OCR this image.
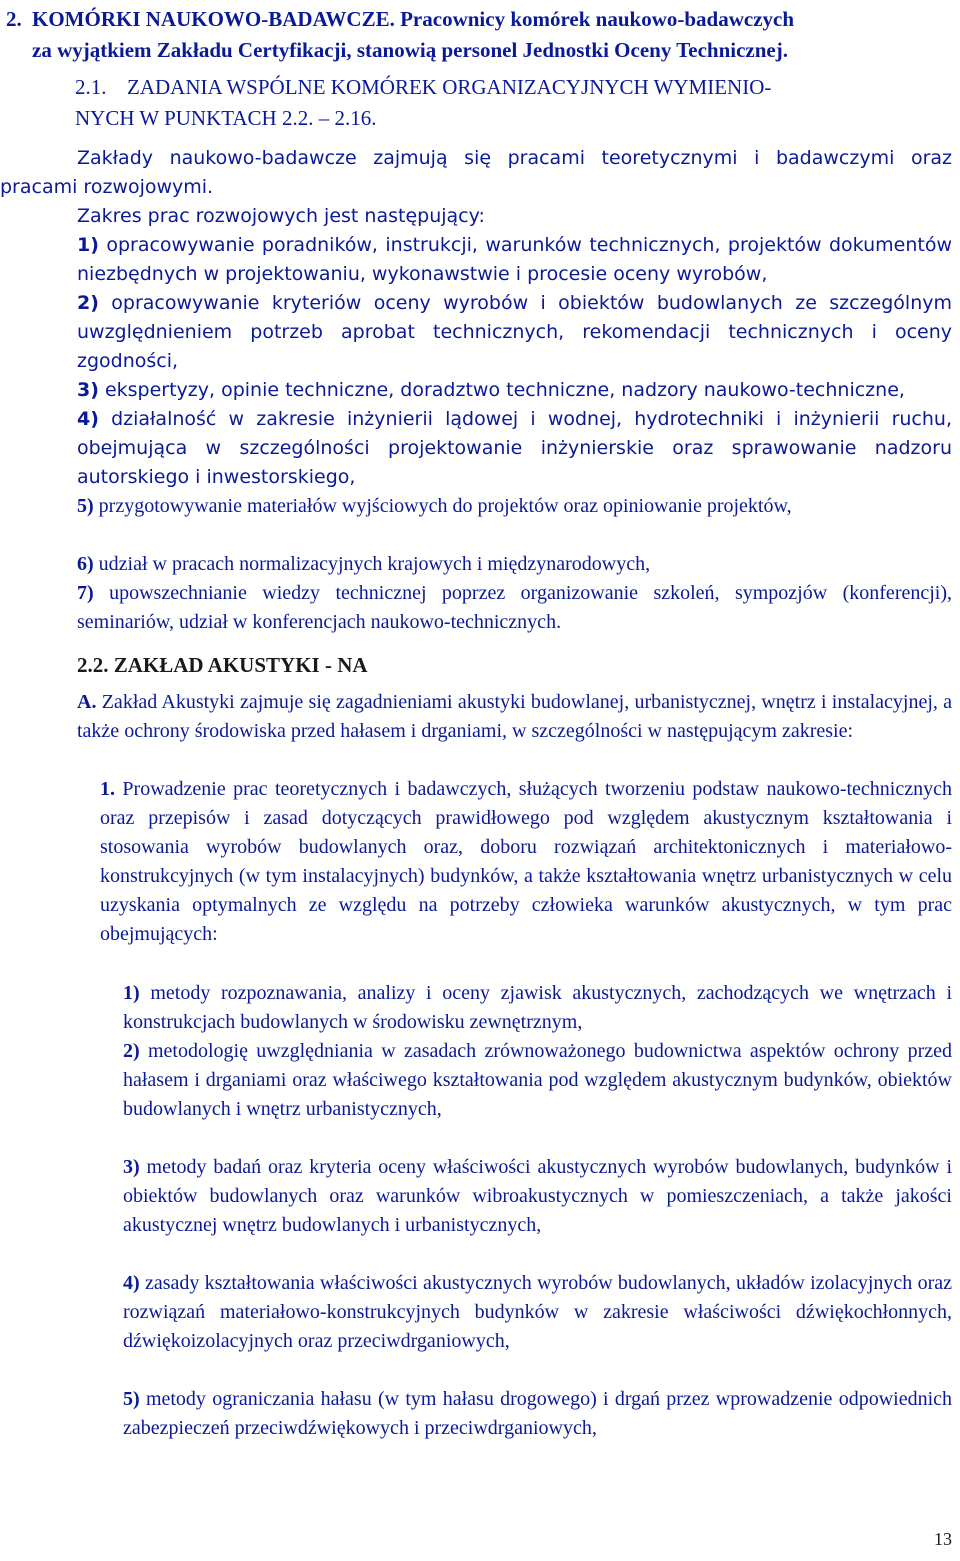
2. KOMÓRKI NAUKOWO-BADAWCZE. Pracownicy komórek naukowo-badawczych
za wyjątkiem Zakładu Certyfikacji, stanowią personel Jednostki Oceny Technicznej.
2.1. ZADANIA WSPÓLNE KOMÓREK ORGANIZACYJNYCH WYMIENIO-
NYCH W PUNKTACH 2.2. – 2.16.
Zakłady naukowo-badawcze zajmują się pracami teoretycznymi i badawczymi oraz
pracami rozwojowymi.
Zakres prac rozwojowych jest następujący:
1) opracowywanie poradników, instrukcji, warunków technicznych, projektów dokumentów niezbędnych w projektowaniu, wykonawstwie i procesie oceny wyrobów,
2) opracowywanie kryteriów oceny wyrobów i obiektów budowlanych ze szczególnym uwzględnieniem potrzeb aprobat technicznych, rekomendacji technicznych i oceny zgodności,
3) ekspertyzy, opinie techniczne, doradztwo techniczne, nadzory naukowo-techniczne,
4) działalność w zakresie inżynierii lądowej i wodnej, hydrotechniki i inżynierii ruchu, obejmująca w szczególności projektowanie inżynierskie oraz sprawowanie nadzoru autorskiego i inwestorskiego,
5) przygotowywanie materiałów wyjściowych do projektów oraz opiniowanie projektów,
6) udział w pracach normalizacyjnych krajowych i międzynarodowych,
7) upowszechnianie wiedzy technicznej poprzez organizowanie szkoleń, sympozjów (konferencji), seminariów, udział w konferencjach naukowo-technicznych.
2.2. ZAKŁAD AKUSTYKI - NA
A. Zakład Akustyki zajmuje się zagadnieniami akustyki budowlanej, urbanistycznej, wnętrz i instalacyjnej, a także ochrony środowiska przed hałasem i drganiami, w szczególności w następującym zakresie:
1. Prowadzenie prac teoretycznych i badawczych, służących tworzeniu podstaw naukowo-technicznych oraz przepisów i zasad dotyczących prawidłowego pod względem akustycznym kształtowania i stosowania wyrobów budowlanych oraz, doboru rozwiązań architektonicznych i materiałowo-konstrukcyjnych (w tym instalacyjnych) budynków, a także kształtowania wnętrz urbanistycznych w celu uzyskania optymalnych ze względu na potrzeby człowieka warunków akustycznych, w tym prac obejmujących:
1) metody rozpoznawania, analizy i oceny zjawisk akustycznych, zachodzących we wnętrzach i konstrukcjach budowlanych w środowisku zewnętrznym,
2) metodologię uwzględniania w zasadach zrównoważonego budownictwa aspektów ochrony przed hałasem i drganiami oraz właściwego kształtowania pod względem akustycznym budynków, obiektów budowlanych i wnętrz urbanistycznych,
3) metody badań oraz kryteria oceny właściwości akustycznych wyrobów budowlanych, budynków i obiektów budowlanych oraz warunków wibroakustycznych w pomieszczeniach, a także jakości akustycznej wnętrz budowlanych i urbanistycznych,
4) zasady kształtowania właściwości akustycznych wyrobów budowlanych, układów izolacyjnych oraz rozwiązań materiałowo-konstrukcyjnych budynków w zakresie właściwości dźwiękochłonnych, dźwiękoizolacyjnych oraz przeciwdrganiowych,
5) metody ograniczania hałasu (w tym hałasu drogowego) i drgań przez wprowadzenie odpowiednich zabezpieczeń przeciwdźwiękowych i przeciwdrganiowych,
13
